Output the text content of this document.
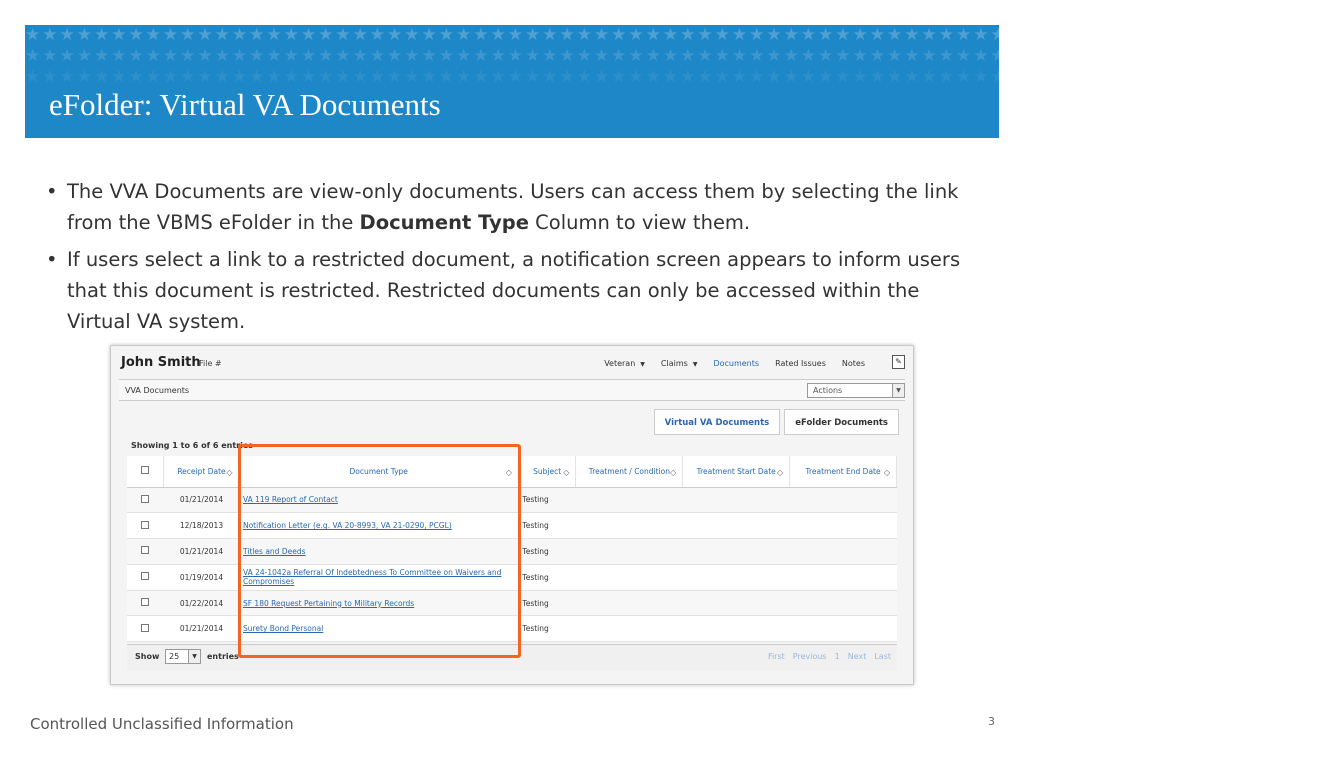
★★★★★★★★★★★★★★★★★★★★★★★★★★★★★★★★★★★★★★★★★★★★★★★★★★★★★★★★★★★★★★★★★★★★★★★★★★★★
★★★★★★★★★★★★★★★★★★★★★★★★★★★★★★★★★★★★★★★★★★★★★★★★★★★★★★★★★★★★★★★★★★★★★★★★★★★★
★★★★★★★★★★★★★★★★★★★★★★★★★★★★★★★★★★★★★★★★★★★★★★★★★★★★★★★★★★★★★★★★★★★★★★★★★★★★
eFolder: Virtual VA Documents
• The VVA Documents are view-only documents. Users can access them by selecting the link from the VBMS eFolder in the Document Type Column to view them.
• If users select a link to a restricted document, a notification screen appears to inform users that this document is restricted. Restricted documents can only be accessed within the Virtual VA system.
John Smith
File #	Veteran ▼ Claims ▼ Documents Rated Issues Notes	✎
VVA Documents	Actions	▼
Virtual VA Documents	eFolder Documents
Showing 1 to 6 of 6 entries
	Receipt Date ◇	Document Type ◇	Subject ◇	Treatment / Condition ◇	Treatment Start Date ◇	Treatment End Date ◇

	01/21/2014	VA 119 Report of Contact	Testing			
	12/18/2013	Notification Letter (e.g. VA 20-8993, VA 21-0290, PCGL)	Testing			
	01/21/2014	Titles and Deeds	Testing			
	01/19/2014	VA 24-1042a Referral Of Indebtedness To Committee on Waivers and Compromises	Testing			
	01/22/2014	SF 180 Request Pertaining to Military Records	Testing			
	01/21/2014	Surety Bond Personal	Testing			
Show	25	▼	entries	First Previous 1 Next Last
Controlled Unclassified Information	3
